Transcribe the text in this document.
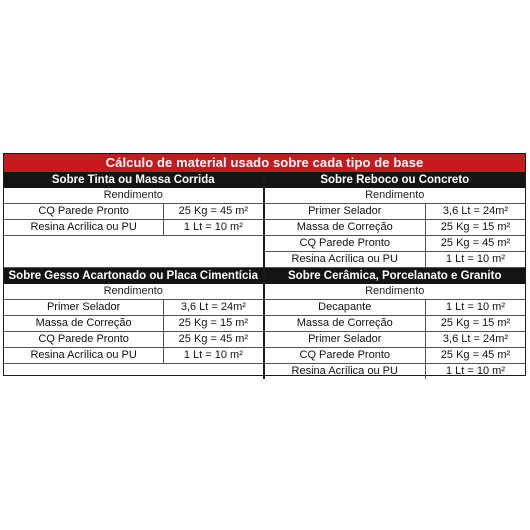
Cálculo de material usado sobre cada tipo de base
Sobre Tinta ou Massa Corrida
Rendimento
CQ Parede Pronto	25 Kg = 45 m²
Resina Acrílica ou PU	1 Lt = 10 m²
Sobre Reboco ou Concreto
Rendimento
Primer Selador	3,6 Lt = 24m²
Massa de Correção	25 Kg = 15 m²
CQ Parede Pronto	25 Kg = 45 m²
Resina Acrílica ou PU	1 Lt = 10 m²
Sobre Gesso Acartonado ou Placa Cimentícia
Rendimento
Primer Selador	3,6 Lt = 24m²
Massa de Correção	25 Kg = 15 m²
CQ Parede Pronto	25 Kg = 45 m²
Resina Acrílica ou PU	1 Lt = 10 m²
Sobre Cerâmica, Porcelanato e Granito
Rendimento
Decapante	1 Lt = 10 m²
Massa de Correção	25 Kg = 15 m²
Primer Selador	3,6 Lt = 24m²
CQ Parede Pronto	25 Kg = 45 m²
Resina Acrílica ou PU	1 Lt = 10 m²
